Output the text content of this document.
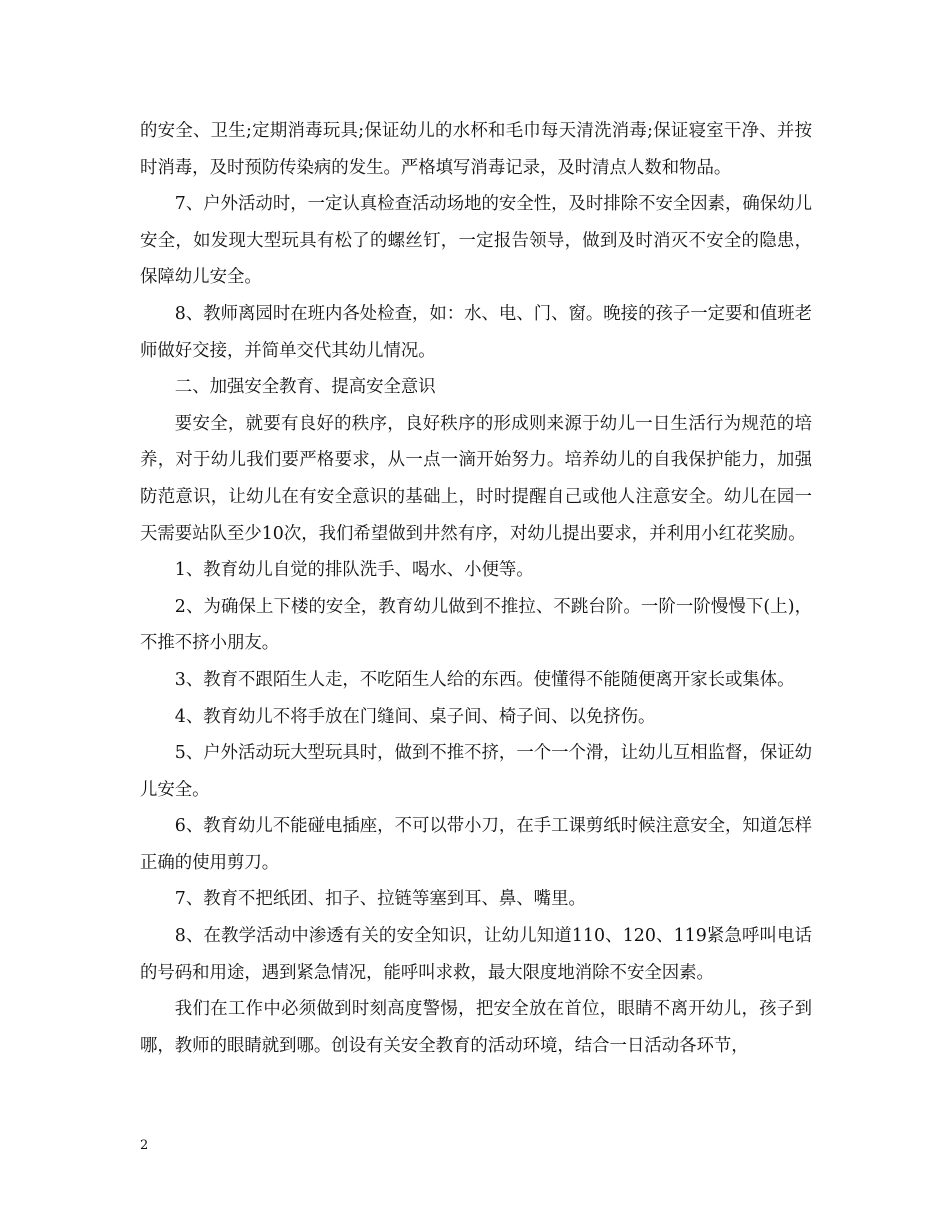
的安全、卫生;定期消毒玩具;保证幼儿的水杯和毛巾每天清洗消毒;保证寝室干净、并按时消毒，及时预防传染病的发生。严格填写消毒记录，及时清点人数和物品。

7、户外活动时，一定认真检查活动场地的安全性，及时排除不安全因素，确保幼儿安全，如发现大型玩具有松了的螺丝钉，一定报告领导，做到及时消灭不安全的隐患，保障幼儿安全。

8、教师离园时在班内各处检查，如：水、电、门、窗。晚接的孩子一定要和值班老师做好交接，并简单交代其幼儿情况。

二、加强安全教育、提高安全意识

要安全，就要有良好的秩序，良好秩序的形成则来源于幼儿一日生活行为规范的培养，对于幼儿我们要严格要求，从一点一滴开始努力。培养幼儿的自我保护能力，加强防范意识，让幼儿在有安全意识的基础上，时时提醒自己或他人注意安全。幼儿在园一天需要站队至少10次，我们希望做到井然有序，对幼儿提出要求，并利用小红花奖励。

1、教育幼儿自觉的排队洗手、喝水、小便等。

2、为确保上下楼的安全，教育幼儿做到不推拉、不跳台阶。一阶一阶慢慢下(上)，不推不挤小朋友。

3、教育不跟陌生人走，不吃陌生人给的东西。使懂得不能随便离开家长或集体。

4、教育幼儿不将手放在门缝间、桌子间、椅子间、以免挤伤。

5、户外活动玩大型玩具时，做到不推不挤，一个一个滑，让幼儿互相监督，保证幼儿安全。

6、教育幼儿不能碰电插座，不可以带小刀，在手工课剪纸时候注意安全，知道怎样正确的使用剪刀。

7、教育不把纸团、扣子、拉链等塞到耳、鼻、嘴里。

8、在教学活动中渗透有关的安全知识，让幼儿知道110、120、119紧急呼叫电话的号码和用途，遇到紧急情况，能呼叫求救，最大限度地消除不安全因素。

我们在工作中必须做到时刻高度警惕，把安全放在首位，眼睛不离开幼儿，孩子到哪，教师的眼睛就到哪。创设有关安全教育的活动环境，结合一日活动各环节，

2
